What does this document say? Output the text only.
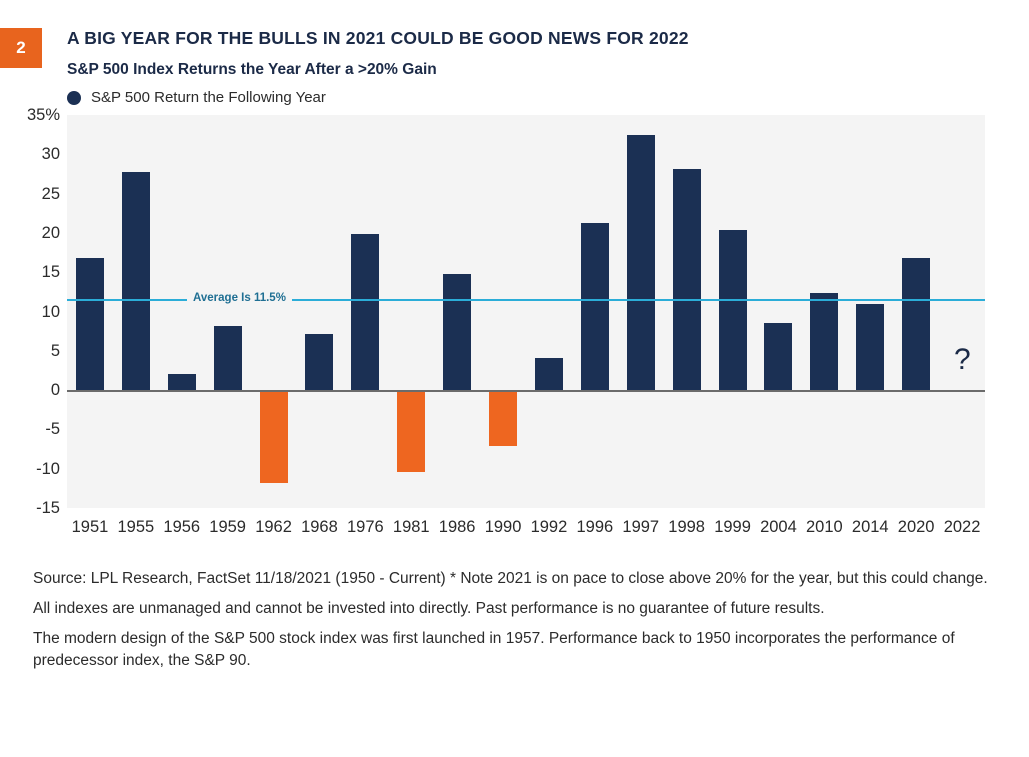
2 A BIG YEAR FOR THE BULLS IN 2021 COULD BE GOOD NEWS FOR 2022
S&P 500 Index Returns the Year After a >20% Gain
S&P 500 Return the Following Year
35%
30
25
20
15
10
5
0
-5
-10
-15
?
Average Is 11.5%
1951 1955 1956 1959 1962 1968 1976 1981 1986 1990 1992 1996 1997 1998 1999 2004 2010 2014 2020 2022

Source: LPL Research, FactSet 11/18/2021 (1950 - Current) * Note 2021 is on pace to close above 20% for the year, but this could change.

All indexes are unmanaged and cannot be invested into directly. Past performance is no guarantee of future results.

The modern design of the S&P 500 stock index was first launched in 1957. Performance back to 1950 incorporates the performance of predecessor index, the S&P 90.
